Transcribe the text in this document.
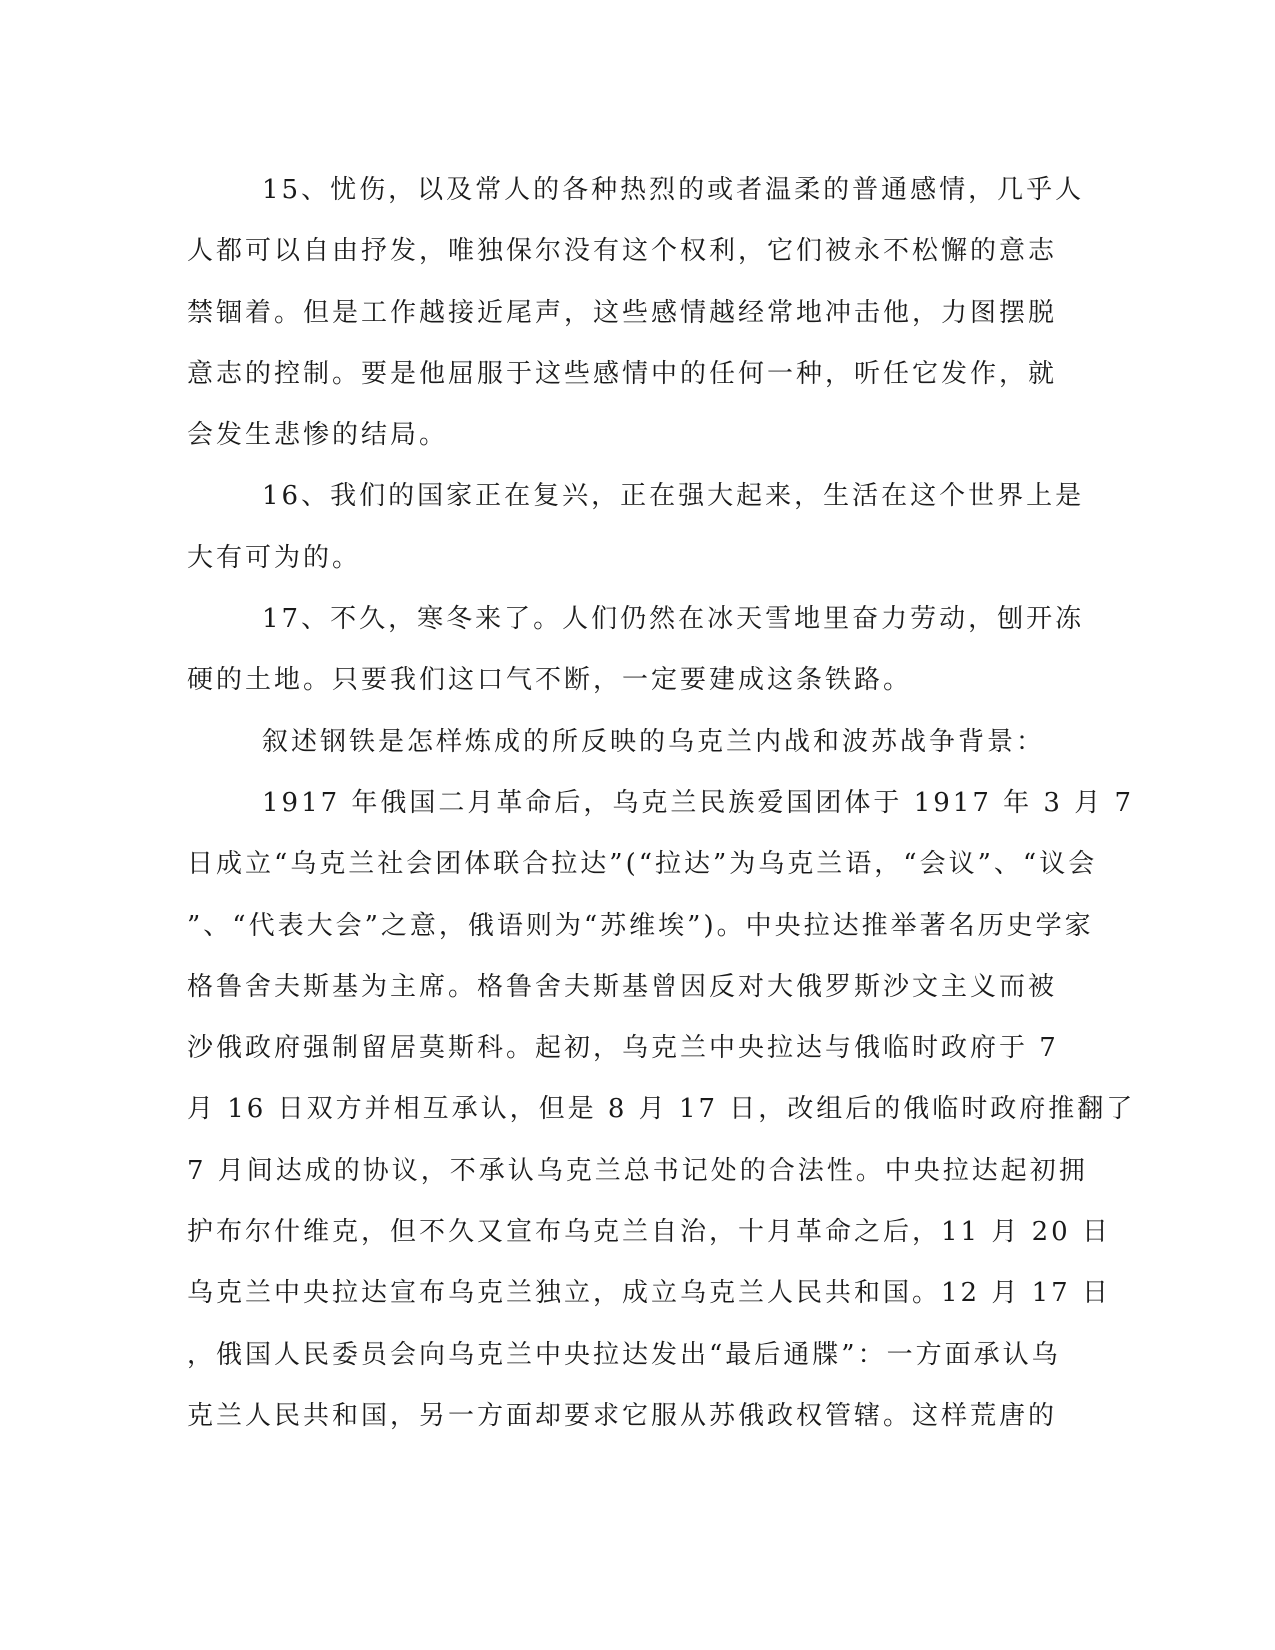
15、忧伤，以及常人的各种热烈的或者温柔的普通感情，几乎人
人都可以自由抒发，唯独保尔没有这个权利，它们被永不松懈的意志
禁锢着。但是工作越接近尾声，这些感情越经常地冲击他，力图摆脱
意志的控制。要是他屈服于这些感情中的任何一种，听任它发作，就
会发生悲惨的结局。
16、我们的国家正在复兴，正在强大起来，生活在这个世界上是
大有可为的。
17、不久，寒冬来了。人们仍然在冰天雪地里奋力劳动，刨开冻
硬的土地。只要我们这口气不断，一定要建成这条铁路。
叙述钢铁是怎样炼成的所反映的乌克兰内战和波苏战争背景：
1917 年俄国二月革命后，乌克兰民族爱国团体于 1917 年 3 月 7
日成立“乌克兰社会团体联合拉达”(“拉达”为乌克兰语，“会议”、“议会
”、“代表大会”之意，俄语则为“苏维埃”)。中央拉达推举著名历史学家
格鲁舍夫斯基为主席。格鲁舍夫斯基曾因反对大俄罗斯沙文主义而被
沙俄政府强制留居莫斯科。起初，乌克兰中央拉达与俄临时政府于 7
月 16 日双方并相互承认，但是 8 月 17 日，改组后的俄临时政府推翻了
7 月间达成的协议，不承认乌克兰总书记处的合法性。中央拉达起初拥
护布尔什维克，但不久又宣布乌克兰自治，十月革命之后，11 月 20 日
乌克兰中央拉达宣布乌克兰独立，成立乌克兰人民共和国。12 月 17 日
，俄国人民委员会向乌克兰中央拉达发出“最后通牒”：一方面承认乌
克兰人民共和国，另一方面却要求它服从苏俄政权管辖。这样荒唐的
